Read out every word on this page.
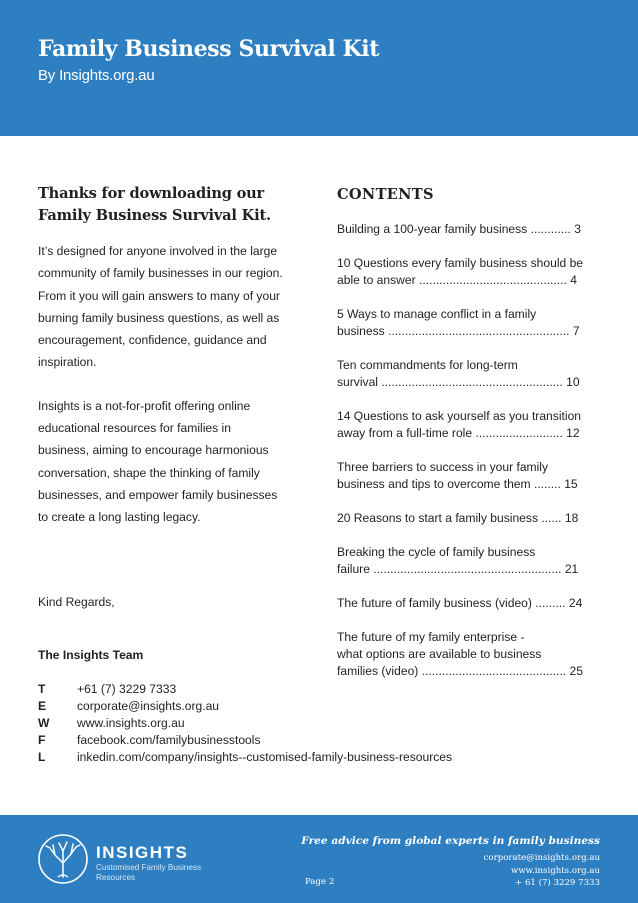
Family Business Survival Kit
By Insights.org.au
Thanks for downloading our
Family Business Survival Kit.
It’s designed for anyone involved in the large
community of family businesses in our region.
From it you will gain answers to many of your
burning family business questions, as well as
encouragement, confidence, guidance and
inspiration.
Insights is a not-for-profit offering online
educational resources for families in
business, aiming to encourage harmonious
conversation, shape the thinking of family
businesses, and empower family businesses
to create a long lasting legacy.
Kind Regards,
The Insights Team
T	+61 (7) 3229 7333
E	corporate@insights.org.au
W	www.insights.org.au
F	facebook.com/familybusinesstools
L	inkedin.com/company/insights--customised-family-business-resources
CONTENTS
Building a 100-year family business ............ 3
10 Questions every family business should be
able to answer ............................................ 4
5 Ways to manage conflict in a family
business ...................................................... 7
Ten commandments for long-term
survival ...................................................... 10
14 Questions to ask yourself as you transition
away from a full-time role .......................... 12
Three barriers to success in your family
business and tips to overcome them ........ 15
20 Reasons to start a family business ...... 18
Breaking the cycle of family business
failure ........................................................ 21
The future of family business (video) ......... 24
The future of my family enterprise -
what options are available to business
families (video) ........................................... 25
INSIGHTS
Customised Family Business Resources
Free advice from global experts in family business
corporate@insights.org.au
www.insights.org.au
+ 61 (7) 3229 7333
Page 2
